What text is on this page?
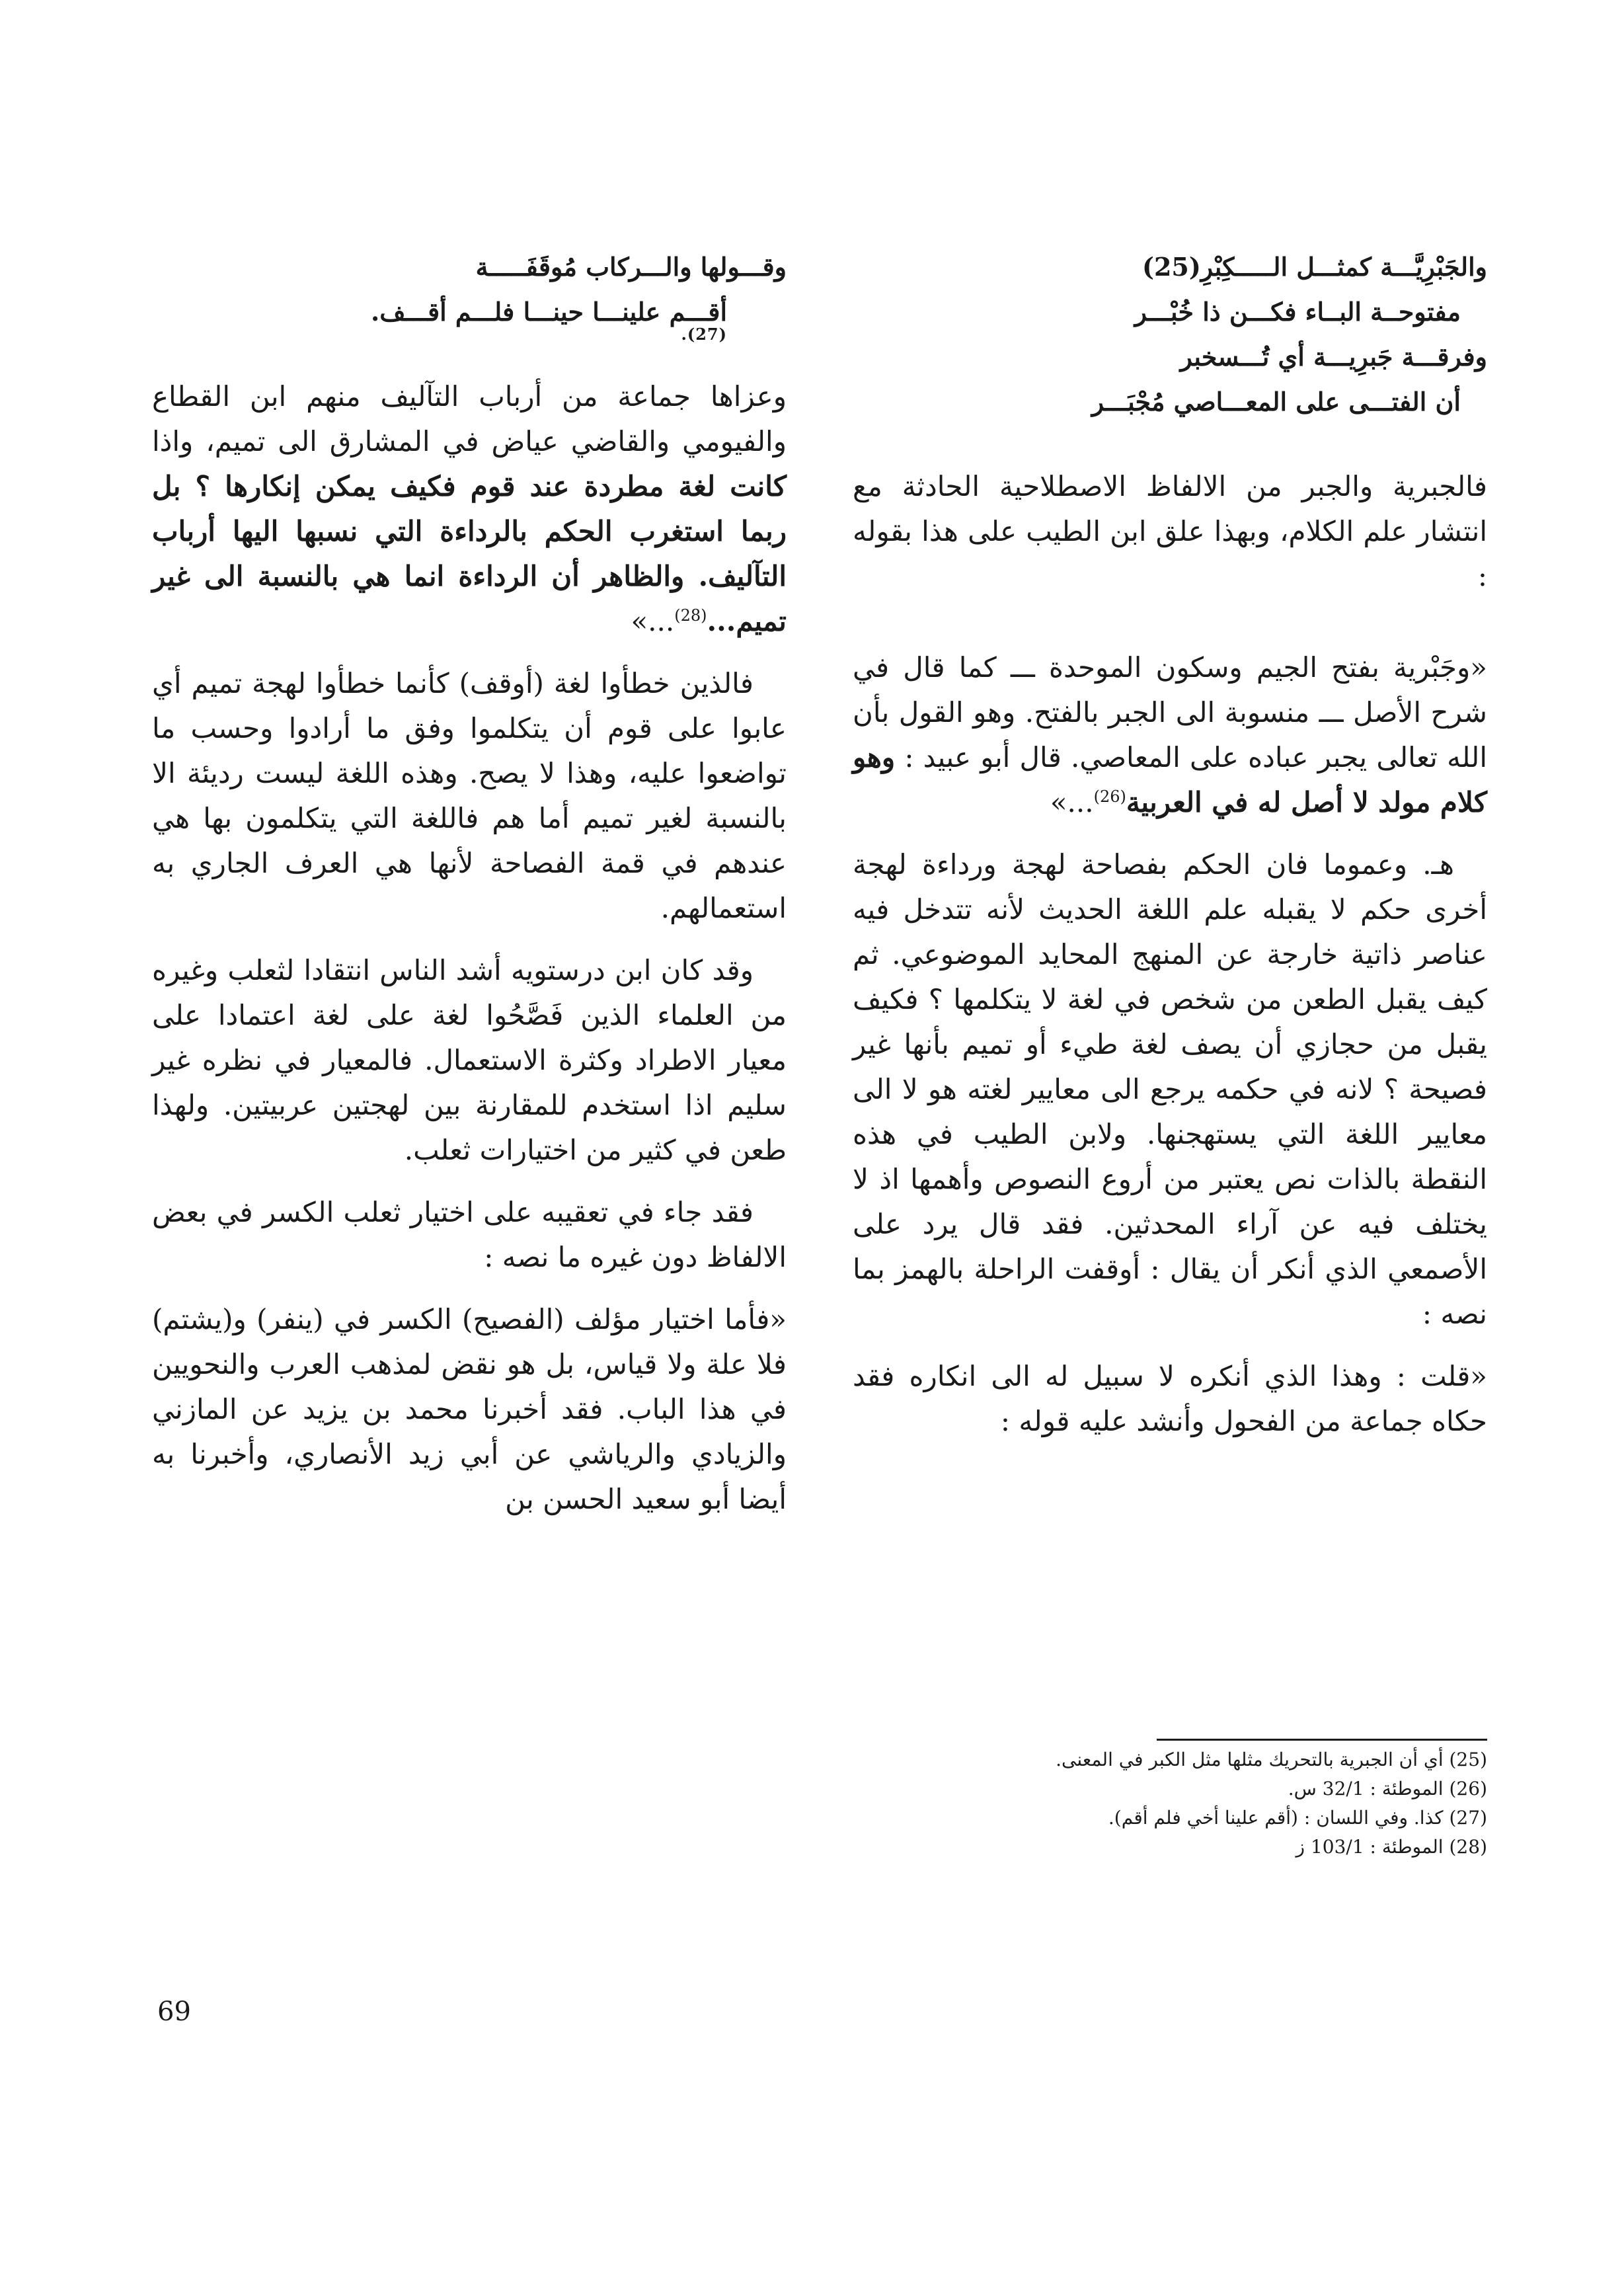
والجَبْرِيَّـــة كمثـــل الـــــكِبْرِ(25)
مفتوحــة البــاء فكـــن ذا خُبْـــر
وفرقـــة جَبرِيـــة أي تُـــسخبر
أن الفتـــى على المعـــاصي مُجْبَـــر

فالجبرية والجبر من الالفاظ الاصطلاحية الحادثة مع انتشار علم الكلام، وبهذا علق ابن الطيب على هذا بقوله :

«وجَبْرية بفتح الجيم وسكون الموحدة ـــ كما قال في شرح الأصل ـــ منسوبة الى الجبر بالفتح. وهو القول بأن الله تعالى يجبر عباده على المعاصي. قال أبو عبيد : وهو كلام مولد لا أصل له في العربية$^{(26)}$...»

هـ. وعموما فان الحكم بفصاحة لهجة ورداءة لهجة أخرى حكم لا يقبله علم اللغة الحديث لأنه تتدخل فيه عناصر ذاتية خارجة عن المنهج المحايد الموضوعي. ثم كيف يقبل الطعن من شخص في لغة لا يتكلمها ؟ فكيف يقبل من حجازي أن يصف لغة طيء أو تميم بأنها غير فصيحة ؟ لانه في حكمه يرجع الى معايير لغته هو لا الى معايير اللغة التي يستهجنها. ولابن الطيب في هذه النقطة بالذات نص يعتبر من أروع النصوص وأهمها اذ لا يختلف فيه عن آراء المحدثين. فقد قال يرد على الأصمعي الذي أنكر أن يقال : أوقفت الراحلة بالهمز بما نصه :

«قلت : وهذا الذي أنكره لا سبيل له الى انكاره فقد حكاه جماعة من الفحول وأنشد عليه قوله :

وقـــولها والـــركاب مُوقَفَـــــة
أقـــم علينـــا حينـــا فلـــم أقـــف.
(27).

وعزاها جماعة من أرباب التآليف منهم ابن القطاع والفيومي والقاضي عياض في المشارق الى تميم، واذا كانت لغة مطردة عند قوم فكيف يمكن إنكارها ؟ بل ربما استغرب الحكم بالرداءة التي نسبها اليها أرباب التآليف. والظاهر أن الرداءة انما هي بالنسبة الى غير تميم...$^{(28)}$...»

فالذين خطأوا لغة (أوقف) كأنما خطأوا لهجة تميم أي عابوا على قوم أن يتكلموا وفق ما أرادوا وحسب ما تواضعوا عليه، وهذا لا يصح. وهذه اللغة ليست رديئة الا بالنسبة لغير تميم أما هم فاللغة التي يتكلمون بها هي عندهم في قمة الفصاحة لأنها هي العرف الجاري به استعمالهم.

وقد كان ابن درستويه أشد الناس انتقادا لثعلب وغيره من العلماء الذين فَصَّحُوا لغة على لغة اعتمادا على معيار الاطراد وكثرة الاستعمال. فالمعيار في نظره غير سليم اذا استخدم للمقارنة بين لهجتين عربيتين. ولهذا طعن في كثير من اختيارات ثعلب.

فقد جاء في تعقيبه على اختيار ثعلب الكسر في بعض الالفاظ دون غيره ما نصه :

«فأما اختيار مؤلف (الفصيح) الكسر في (ينفر) و(يشتم) فلا علة ولا قياس، بل هو نقض لمذهب العرب والنحويين في هذا الباب. فقد أخبرنا محمد بن يزيد عن المازني والزيادي والرياشي عن أبي زيد الأنصاري، وأخبرنا به أيضا أبو سعيد الحسن بن

(25) أي أن الجبرية بالتحريك مثلها مثل الكبر في المعنى.
(26) الموطئة : 32/1 س.
(27) كذا. وفي اللسان : (أقم علينا أخي فلم أقم).
(28) الموطئة : 103/1 ز
69
